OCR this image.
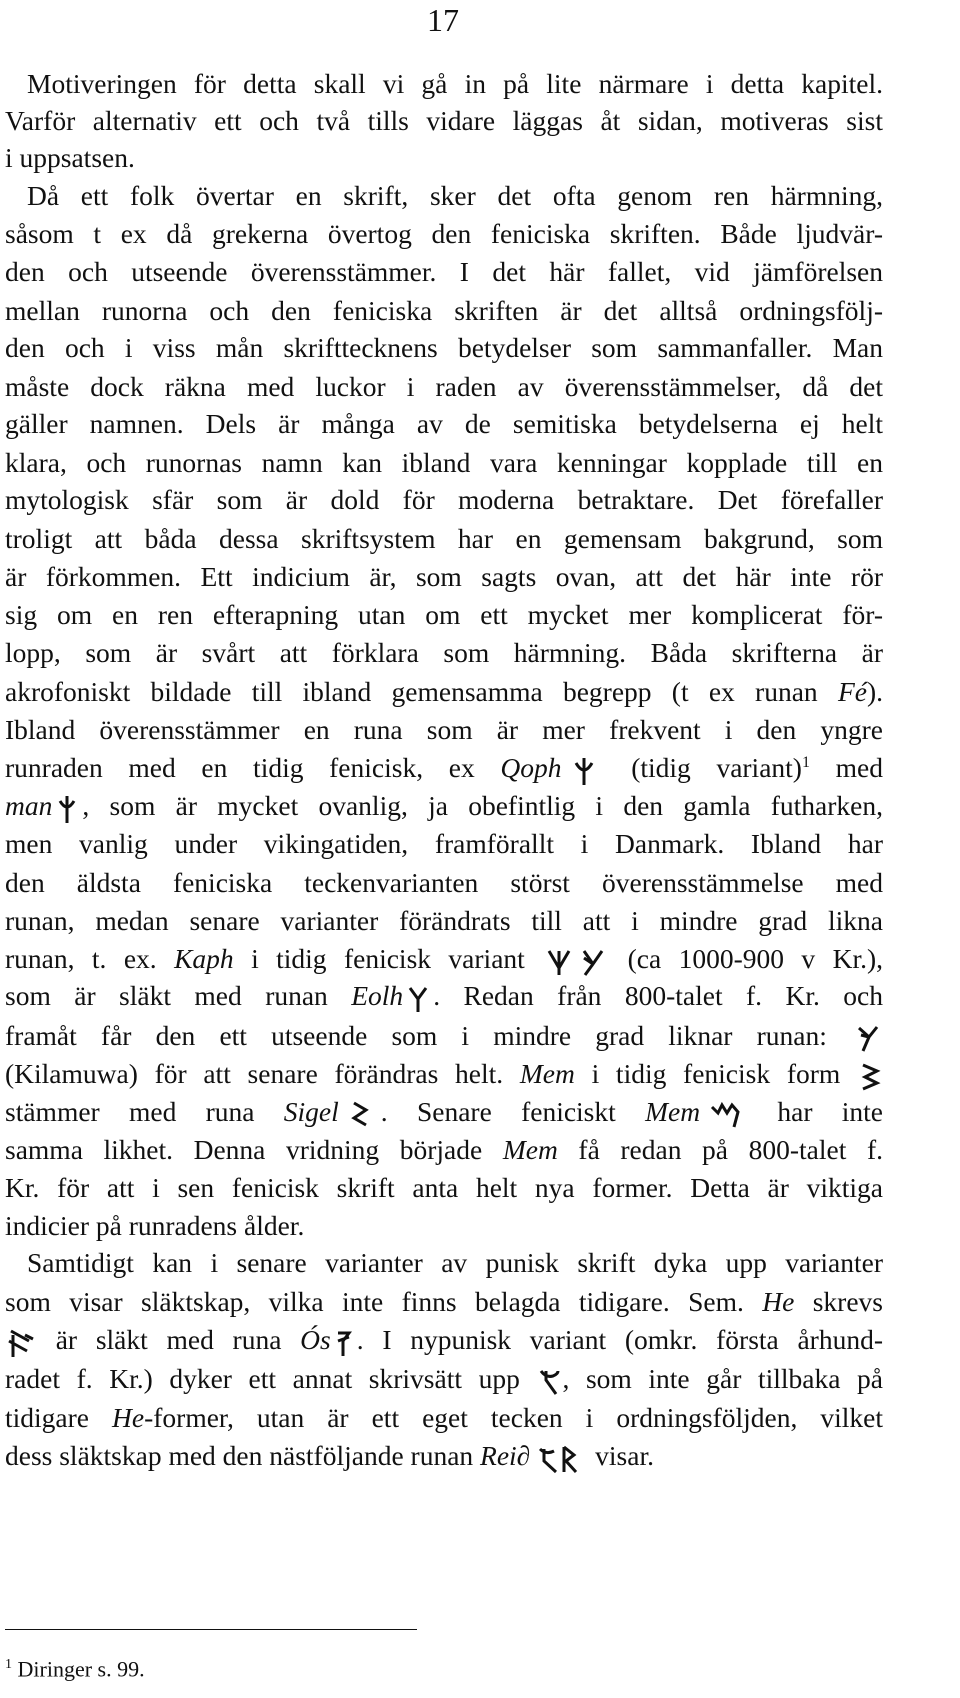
17
Motiveringen för detta skall vi gå in på lite närmare i detta kapitel.
Varför alternativ ett och två tills vidare läggas åt sidan, motiveras sist
i uppsatsen.
Då ett folk övertar en skrift, sker det ofta genom ren härmning,
såsom t ex då grekerna övertog den feniciska skriften. Både ljudvär-
den och utseende överensstämmer. I det här fallet, vid jämförelsen
mellan runorna och den feniciska skriften är det alltså ordningsfölj-
den och i viss mån skrifttecknens betydelser som sammanfaller. Man
måste dock räkna med luckor i raden av överensstämmelser, då det
gäller namnen. Dels är många av de semitiska betydelserna ej helt
klara, och runornas namn kan ibland vara kenningar kopplade till en
mytologisk sfär som är dold för moderna betraktare. Det förefaller
troligt att båda dessa skriftsystem har en gemensam bakgrund, som
är förkommen. Ett indicium är, som sagts ovan, att det här inte rör
sig om en ren efterapning utan om ett mycket mer komplicerat för-
lopp, som är svårt att förklara som härmning. Båda skrifterna är
akrofoniskt bildade till ibland gemensamma begrepp (t ex runan Fé).
Ibland överensstämmer en runa som är mer frekvent i den yngre
runraden med en tidig fenicisk, ex Qoph
(tidig variant)$^1$ med
man , som är mycket ovanlig, ja obefintlig i den gamla futharken,
men vanlig under vikingatiden, framförallt i Danmark. Ibland har
den äldsta feniciska teckenvarianten störst överensstämmelse med
runan, medan senare varianter förändrats till att i mindre grad likna
runan, t. ex. Kaph i tidig fenicisk variant
(ca 1000-900 v Kr.),
som är släkt med runan Eolh . Redan från 800-talet f. Kr. och
framåt får den ett utseende som i mindre grad liknar runan:
(Kilamuwa) för att senare förändras helt. Mem i tidig fenicisk form
stämmer med runa Sigel . Senare feniciskt Mem
har inte
samma likhet. Denna vridning började Mem få redan på 800-talet f.
Kr. för att i sen fenicisk skrift anta helt nya former. Detta är viktiga
indicier på runradens ålder.
Samtidigt kan i senare varianter av punisk skrift dyka upp varianter
som visar släktskap, vilka inte finns belagda tidigare. Sem. He skrevs
är släkt med runa Ós . I nypunisk variant (omkr. första århund-
radet f. Kr.) dyker ett annat skrivsätt upp
, som inte går tillbaka på
tidigare He-former, utan är ett eget tecken i ordningsföljden, vilket
dess släktskap med den nästföljande runan Rei∂
visar.
$^1$ Diringer s. 99.
